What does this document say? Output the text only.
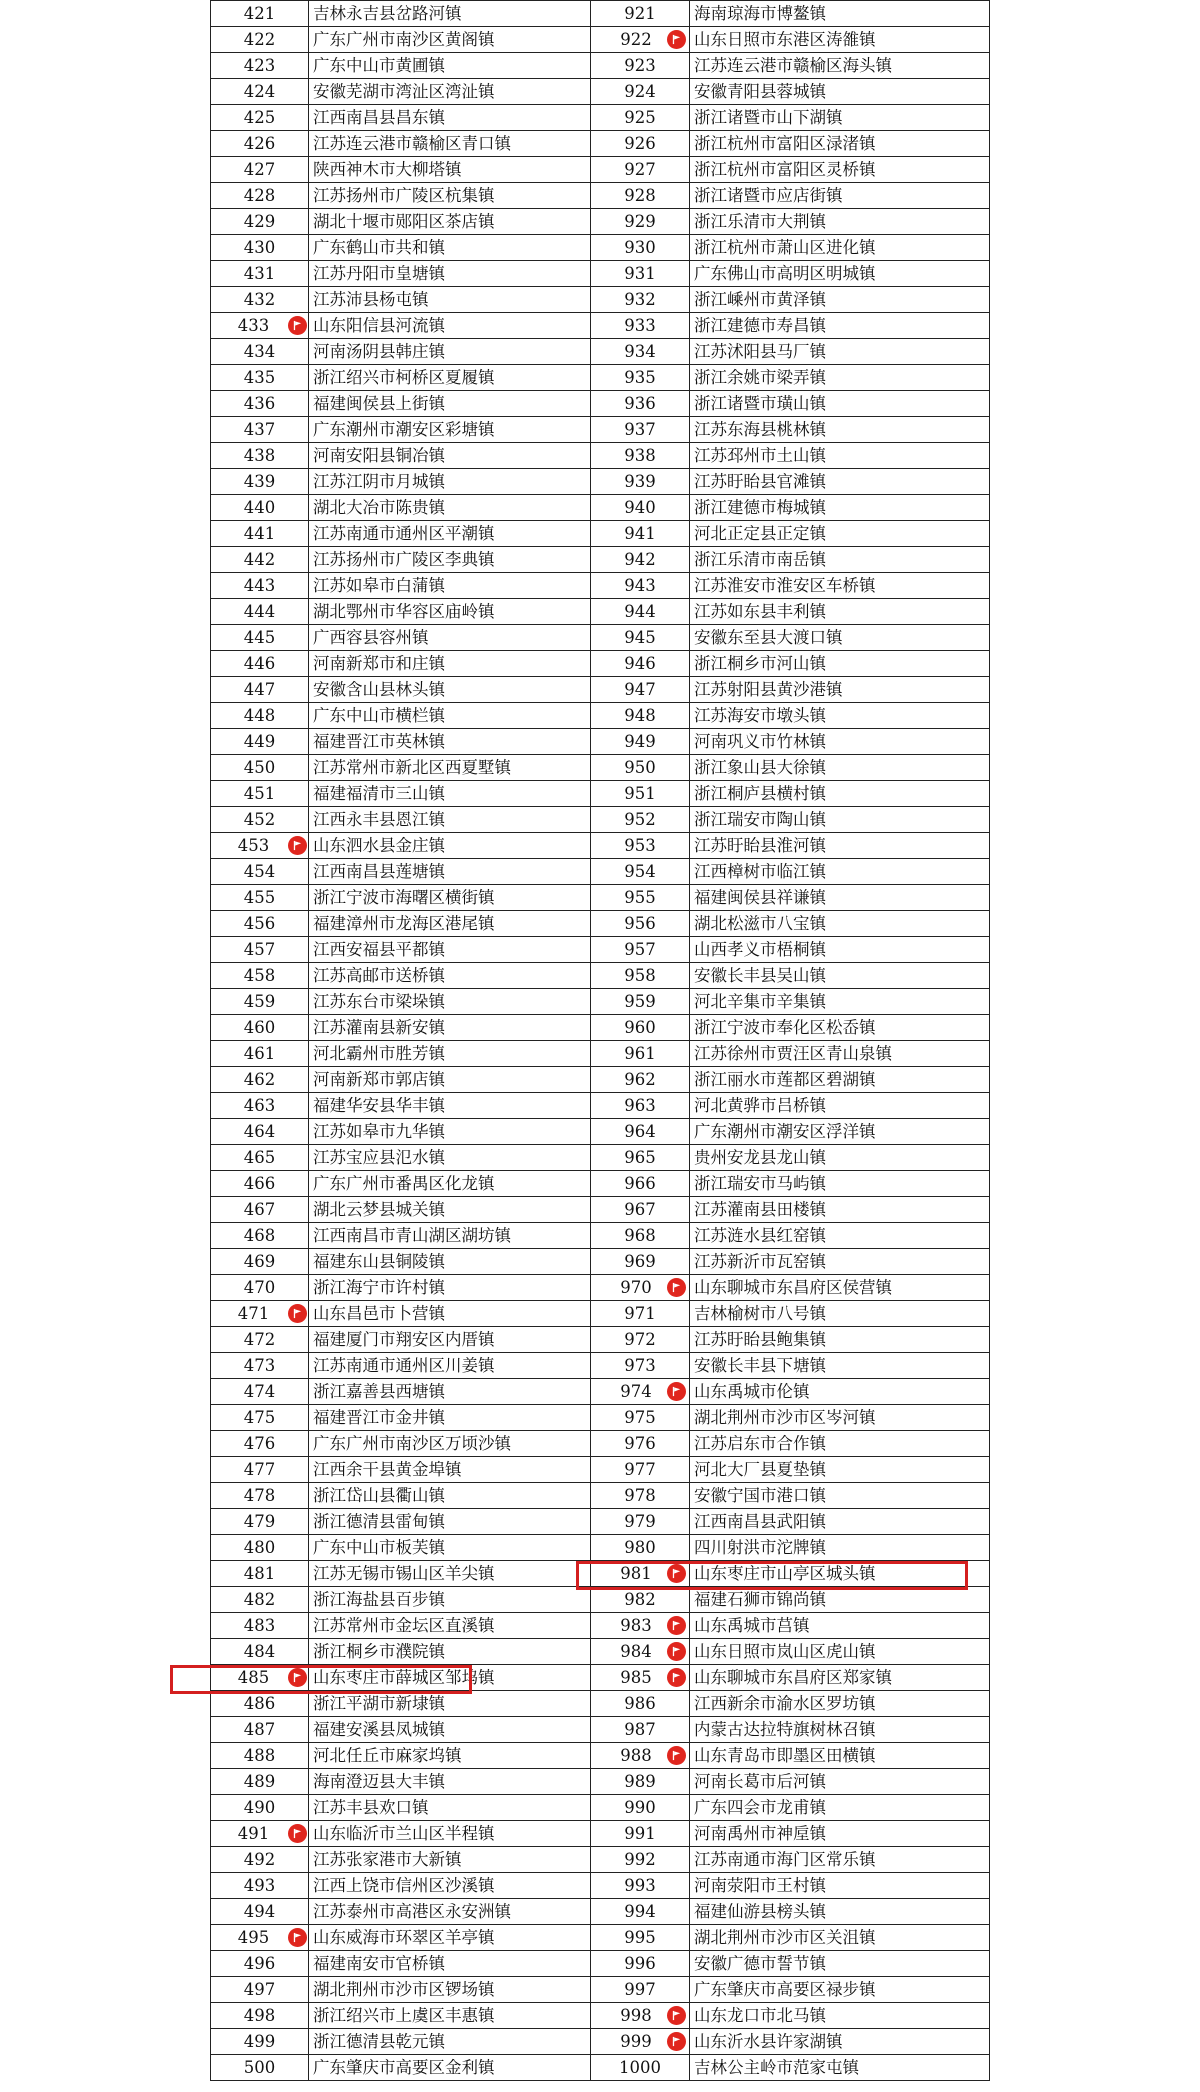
421	吉林永吉县岔路河镇	921	海南琼海市博鳌镇
422	广东广州市南沙区黄阁镇	922	山东日照市东港区涛雒镇
423	广东中山市黄圃镇	923	江苏连云港市赣榆区海头镇
424	安徽芜湖市湾沚区湾沚镇	924	安徽青阳县蓉城镇
425	江西南昌县昌东镇	925	浙江诸暨市山下湖镇
426	江苏连云港市赣榆区青口镇	926	浙江杭州市富阳区渌渚镇
427	陕西神木市大柳塔镇	927	浙江杭州市富阳区灵桥镇
428	江苏扬州市广陵区杭集镇	928	浙江诸暨市应店街镇
429	湖北十堰市郧阳区茶店镇	929	浙江乐清市大荆镇
430	广东鹤山市共和镇	930	浙江杭州市萧山区进化镇
431	江苏丹阳市皇塘镇	931	广东佛山市高明区明城镇
432	江苏沛县杨屯镇	932	浙江嵊州市黄泽镇
433	山东阳信县河流镇	933	浙江建德市寿昌镇
434	河南汤阴县韩庄镇	934	江苏沭阳县马厂镇
435	浙江绍兴市柯桥区夏履镇	935	浙江余姚市梁弄镇
436	福建闽侯县上街镇	936	浙江诸暨市璜山镇
437	广东潮州市潮安区彩塘镇	937	江苏东海县桃林镇
438	河南安阳县铜冶镇	938	江苏邳州市土山镇
439	江苏江阴市月城镇	939	江苏盱眙县官滩镇
440	湖北大冶市陈贵镇	940	浙江建德市梅城镇
441	江苏南通市通州区平潮镇	941	河北正定县正定镇
442	江苏扬州市广陵区李典镇	942	浙江乐清市南岳镇
443	江苏如皋市白蒲镇	943	江苏淮安市淮安区车桥镇
444	湖北鄂州市华容区庙岭镇	944	江苏如东县丰利镇
445	广西容县容州镇	945	安徽东至县大渡口镇
446	河南新郑市和庄镇	946	浙江桐乡市河山镇
447	安徽含山县林头镇	947	江苏射阳县黄沙港镇
448	广东中山市横栏镇	948	江苏海安市墩头镇
449	福建晋江市英林镇	949	河南巩义市竹林镇
450	江苏常州市新北区西夏墅镇	950	浙江象山县大徐镇
451	福建福清市三山镇	951	浙江桐庐县横村镇
452	江西永丰县恩江镇	952	浙江瑞安市陶山镇
453	山东泗水县金庄镇	953	江苏盱眙县淮河镇
454	江西南昌县莲塘镇	954	江西樟树市临江镇
455	浙江宁波市海曙区横街镇	955	福建闽侯县祥谦镇
456	福建漳州市龙海区港尾镇	956	湖北松滋市八宝镇
457	江西安福县平都镇	957	山西孝义市梧桐镇
458	江苏高邮市送桥镇	958	安徽长丰县吴山镇
459	江苏东台市梁垛镇	959	河北辛集市辛集镇
460	江苏灌南县新安镇	960	浙江宁波市奉化区松岙镇
461	河北霸州市胜芳镇	961	江苏徐州市贾汪区青山泉镇
462	河南新郑市郭店镇	962	浙江丽水市莲都区碧湖镇
463	福建华安县华丰镇	963	河北黄骅市吕桥镇
464	江苏如皋市九华镇	964	广东潮州市潮安区浮洋镇
465	江苏宝应县氾水镇	965	贵州安龙县龙山镇
466	广东广州市番禺区化龙镇	966	浙江瑞安市马屿镇
467	湖北云梦县城关镇	967	江苏灌南县田楼镇
468	江西南昌市青山湖区湖坊镇	968	江苏涟水县红窑镇
469	福建东山县铜陵镇	969	江苏新沂市瓦窑镇
470	浙江海宁市许村镇	970	山东聊城市东昌府区侯营镇
471	山东昌邑市卜营镇	971	吉林榆树市八号镇
472	福建厦门市翔安区内厝镇	972	江苏盱眙县鲍集镇
473	江苏南通市通州区川姜镇	973	安徽长丰县下塘镇
474	浙江嘉善县西塘镇	974	山东禹城市伦镇
475	福建晋江市金井镇	975	湖北荆州市沙市区岑河镇
476	广东广州市南沙区万顷沙镇	976	江苏启东市合作镇
477	江西余干县黄金埠镇	977	河北大厂县夏垫镇
478	浙江岱山县衢山镇	978	安徽宁国市港口镇
479	浙江德清县雷甸镇	979	江西南昌县武阳镇
480	广东中山市板芙镇	980	四川射洪市沱牌镇
481	江苏无锡市锡山区羊尖镇	981	山东枣庄市山亭区城头镇
482	浙江海盐县百步镇	982	福建石狮市锦尚镇
483	江苏常州市金坛区直溪镇	983	山东禹城市莒镇
484	浙江桐乡市濮院镇	984	山东日照市岚山区虎山镇
485	山东枣庄市薛城区邹坞镇	985	山东聊城市东昌府区郑家镇
486	浙江平湖市新埭镇	986	江西新余市渝水区罗坊镇
487	福建安溪县凤城镇	987	内蒙古达拉特旗树林召镇
488	河北任丘市麻家坞镇	988	山东青岛市即墨区田横镇
489	海南澄迈县大丰镇	989	河南长葛市后河镇
490	江苏丰县欢口镇	990	广东四会市龙甫镇
491	山东临沂市兰山区半程镇	991	河南禹州市神垕镇
492	江苏张家港市大新镇	992	江苏南通市海门区常乐镇
493	江西上饶市信州区沙溪镇	993	河南荥阳市王村镇
494	江苏泰州市高港区永安洲镇	994	福建仙游县榜头镇
495	山东威海市环翠区羊亭镇	995	湖北荆州市沙市区关沮镇
496	福建南安市官桥镇	996	安徽广德市誓节镇
497	湖北荆州市沙市区锣场镇	997	广东肇庆市高要区禄步镇
498	浙江绍兴市上虞区丰惠镇	998	山东龙口市北马镇
499	浙江德清县乾元镇	999	山东沂水县许家湖镇
500	广东肇庆市高要区金利镇	1000	吉林公主岭市范家屯镇
